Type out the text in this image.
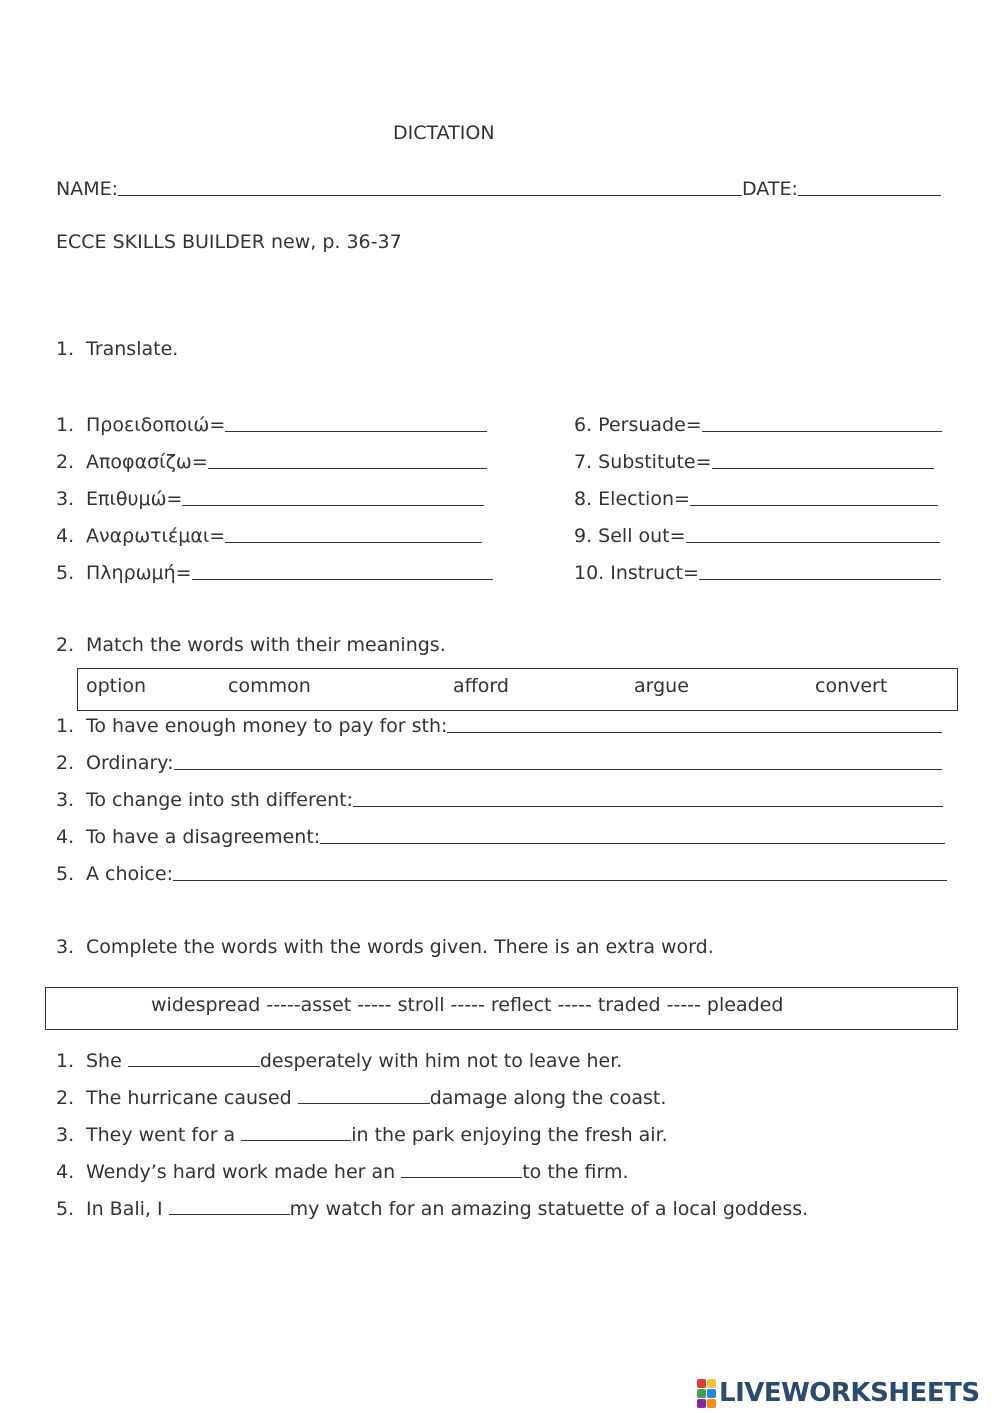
DICTATION
NAME:	DATE:
ECCE SKILLS BUILDER new, p. 36-37
1. Translate.
1. Προειδοποιώ=
2. Αποφασίζω=
3. Επιθυμώ=
4. Αναρωτιέμαι=
5. Πληρωμή=
6. Persuade=
7. Substitute=
8. Election=
9. Sell out=
10. Instruct=
2. Match the words with their meanings.
option	common	afford	argue	convert
1. To have enough money to pay for sth:
2. Ordinary:
3. To change into sth different:
4. To have a disagreement:
5. A choice:
3. Complete the words with the words given. There is an extra word.
widespread -----asset ----- stroll ----- reflect ----- traded ----- pleaded
1. She	desperately with him not to leave her.
2. The hurricane caused	damage along the coast.
3. They went for a	in the park enjoying the fresh air.
4. Wendy’s hard work made her an	to the firm.
5. In Bali, I	my watch for an amazing statuette of a local goddess.
LIVEWORKSHEETS
